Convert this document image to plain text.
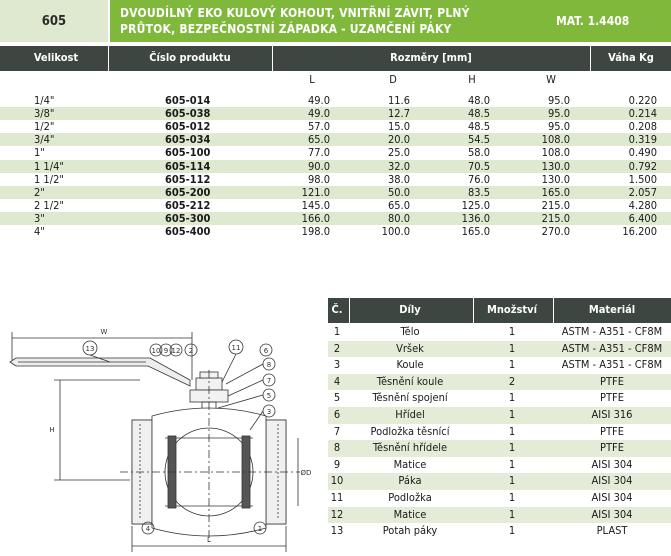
605
DVOUDÍLNÝ EKO KULOVÝ KOHOUT, VNITŘNÍ ZÁVIT, PLNÝ
PRŮTOK, BEZPEČNOSTNÍ ZÁPADKA - UZAMČENÍ PÁKY
MAT. 1.4408
Velikost	Číslo produktu	Rozměry [mm]	Váha Kg
L	D	H	W
1/4"	605-014	49.0	11.6	48.0	95.0	0.220
3/8"	605-038	49.0	12.7	48.5	95.0	0.214
1/2"	605-012	57.0	15.0	48.5	95.0	0.208
3/4"	605-034	65.0	20.0	54.5	108.0	0.319
1"	605-100	77.0	25.0	58.0	108.0	0.490
1 1/4"	605-114	90.0	32.0	70.5	130.0	0.792
1 1/2"	605-112	98.0	38.0	76.0	130.0	1.500
2"	605-200	121.0	50.0	83.5	165.0	2.057
2 1/2"	605-212	145.0	65.0	125.0	215.0	4.280
3"	605-300	166.0	80.0	136.0	215.0	6.400
4"	605-400	198.0	100.0	165.0	270.0	16.200
W
H
L
ØD
13	10 9 12 2	11	6
8
7
5
3
4	1
Č.	Díly	Množství	Materiál
1	Tělo	1	ASTM - A351 - CF8M
2	Vršek	1	ASTM - A351 - CF8M
3	Koule	1	ASTM - A351 - CF8M
4	Těsnění koule	2	PTFE
5	Těsnění spojení	1	PTFE
6	Hřídel	1	AISI 316
7	Podložka těsnící	1	PTFE
8	Těsnění hřídele	1	PTFE
9	Matice	1	AISI 304
10	Páka	1	AISI 304
11	Podložka	1	AISI 304
12	Matice	1	AISI 304
13	Potah páky	1	PLAST
